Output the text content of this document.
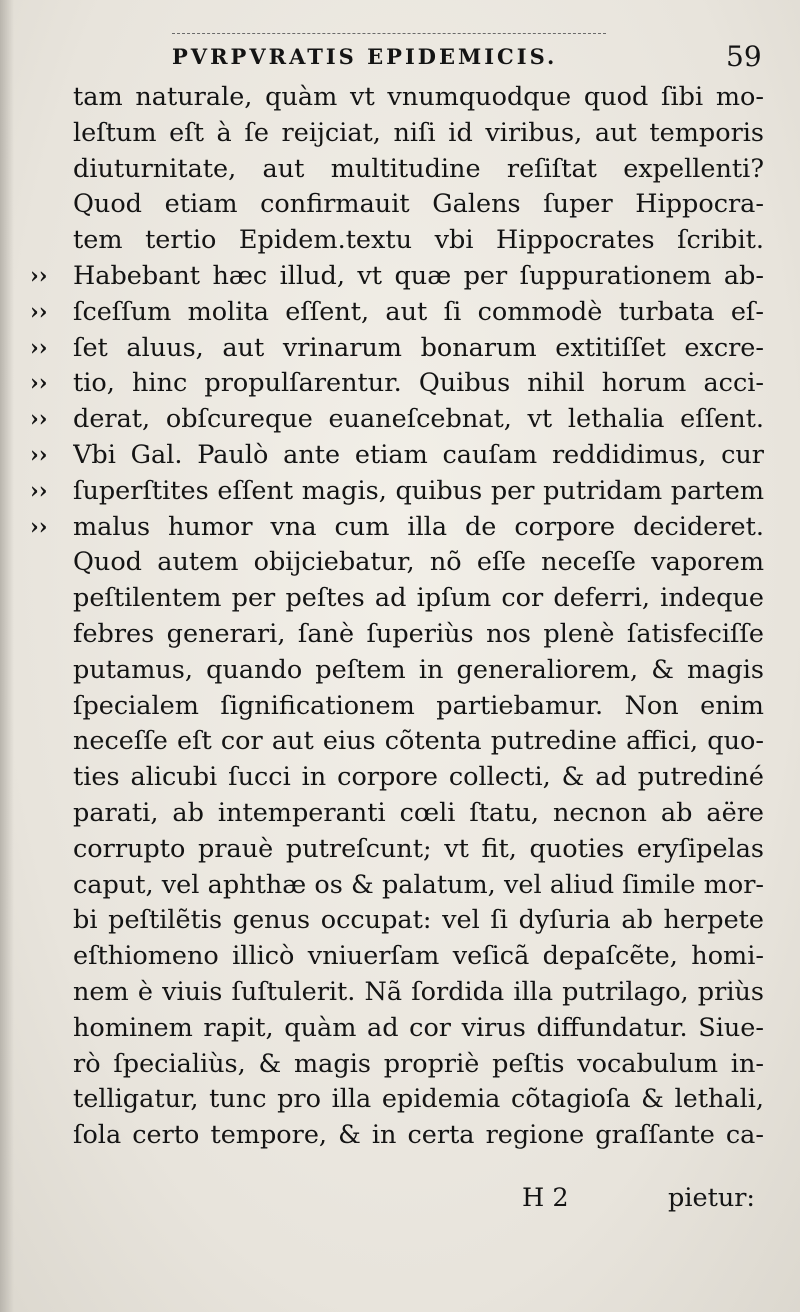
PVRPVRATIS EPIDEMICIS.	59
tam naturale, quàm vt vnumquodque quod ſibi mo-
leſtum eſt à ſe reijciat, niſi id viribus, aut temporis
diuturnitate, aut multitudine reſiſtat expellenti?
Quod etiam confirmauit Galens ſuper Hippocra-
tem tertio Epidem.textu vbi Hippocrates ſcribit.
›› Habebant hæc illud, vt quæ per ſuppurationem ab-
›› ſceſſum molita eſſent, aut ſi commodè turbata eſ-
›› ſet aluus, aut vrinarum bonarum extitiſſet excre-
›› tio, hinc propulſarentur. Quibus nihil horum acci-
›› derat, obſcureque euaneſcebnat, vt lethalia eſſent.
›› Vbi Gal. Paulò ante etiam cauſam reddidimus, cur
›› ſuperſtites eſſent magis, quibus per putridam partem
›› malus humor vna cum illa de corpore decideret.
Quod autem obijciebatur, nõ eſſe neceſſe vaporem
peſtilentem per peſtes ad ipſum cor deferri, indeque
febres generari, ſanè ſuperiùs nos plenè ſatisfeciſſe
putamus, quando peſtem in generaliorem, & magis
ſpecialem ſignificationem partiebamur. Non enim
neceſſe eſt cor aut eius cõtenta putredine affici, quo-
ties alicubi ſucci in corpore collecti, & ad putrediné
parati, ab intemperanti cœli ſtatu, necnon ab aëre
corrupto prauè putreſcunt; vt fit, quoties eryſipelas
caput, vel aphthæ os & palatum, vel aliud ſimile mor-
bi peſtilẽtis genus occupat: vel ſi dyſuria ab herpete
eſthiomeno illicò vniuerſam veſicã depaſcẽte, homi-
nem è viuis ſuſtulerit. Nã ſordida illa putrilago, priùs
hominem rapit, quàm ad cor virus diffundatur. Siue-
rò ſpecialiùs, & magis propriè peſtis vocabulum in-
telligatur, tunc pro illa epidemia cõtagioſa & lethali,
ſola certo tempore, & in certa regione graſſante ca-
H 2	pietur:
